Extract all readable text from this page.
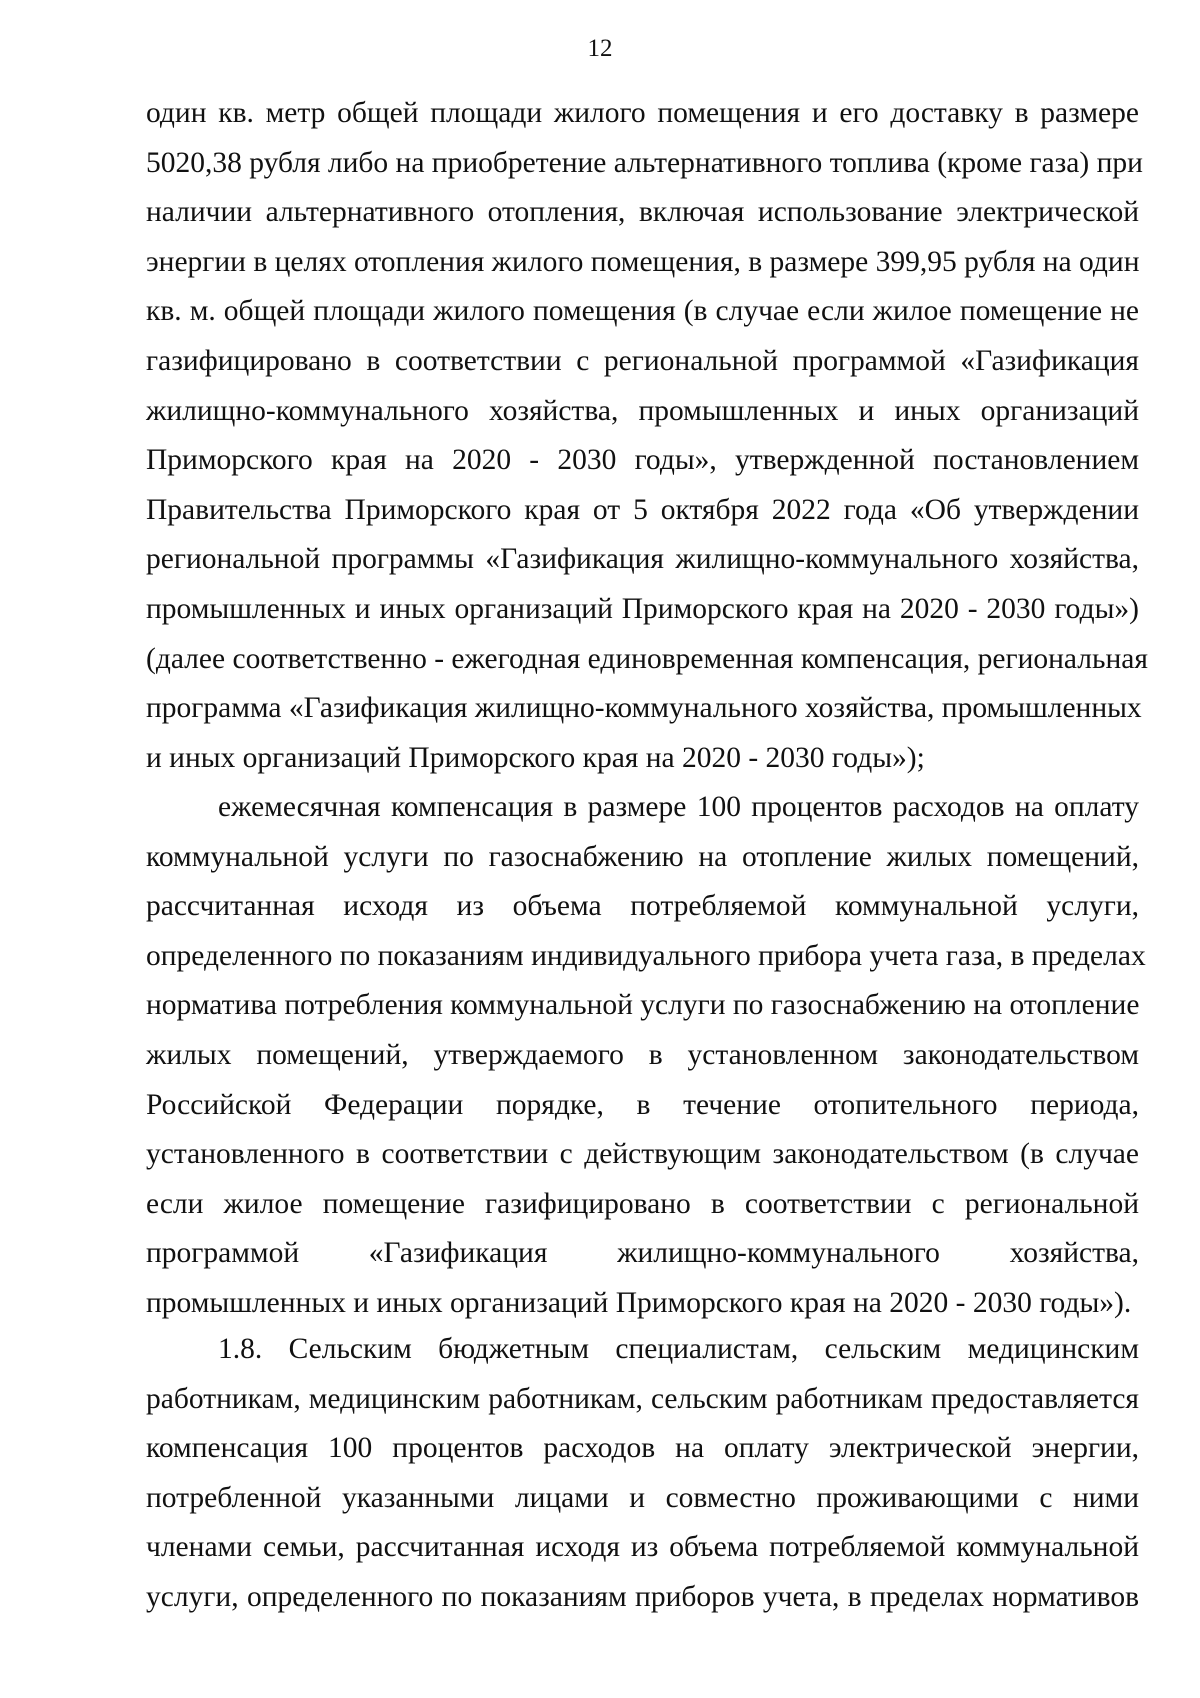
12
один кв. метр общей площади жилого помещения и его доставку в размере
5020,38 рубля либо на приобретение альтернативного топлива (кроме газа) при
наличии альтернативного отопления, включая использование электрической
энергии в целях отопления жилого помещения, в размере 399,95 рубля на один
кв. м. общей площади жилого помещения (в случае если жилое помещение не
газифицировано в соответствии с региональной программой «Газификация
жилищно-коммунального хозяйства, промышленных и иных организаций
Приморского края на 2020 - 2030 годы», утвержденной постановлением
Правительства Приморского края от 5 октября 2022 года «Об утверждении
региональной программы «Газификация жилищно-коммунального хозяйства,
промышленных и иных организаций Приморского края на 2020 - 2030 годы»)
(далее соответственно - ежегодная единовременная компенсация, региональная
программа «Газификация жилищно-коммунального хозяйства, промышленных
и иных организаций Приморского края на 2020 - 2030 годы»);
ежемесячная компенсация в размере 100 процентов расходов на оплату
коммунальной услуги по газоснабжению на отопление жилых помещений,
рассчитанная исходя из объема потребляемой коммунальной услуги,
определенного по показаниям индивидуального прибора учета газа, в пределах
норматива потребления коммунальной услуги по газоснабжению на отопление
жилых помещений, утверждаемого в установленном законодательством
Российской Федерации порядке, в течение отопительного периода,
установленного в соответствии с действующим законодательством (в случае
если жилое помещение газифицировано в соответствии с региональной
программой «Газификация жилищно-коммунального хозяйства,
промышленных и иных организаций Приморского края на 2020 - 2030 годы»).
1.8. Сельским бюджетным специалистам, сельским медицинским
работникам, медицинским работникам, сельским работникам предоставляется
компенсация 100 процентов расходов на оплату электрической энергии,
потребленной указанными лицами и совместно проживающими с ними
членами семьи, рассчитанная исходя из объема потребляемой коммунальной
услуги, определенного по показаниям приборов учета, в пределах нормативов
